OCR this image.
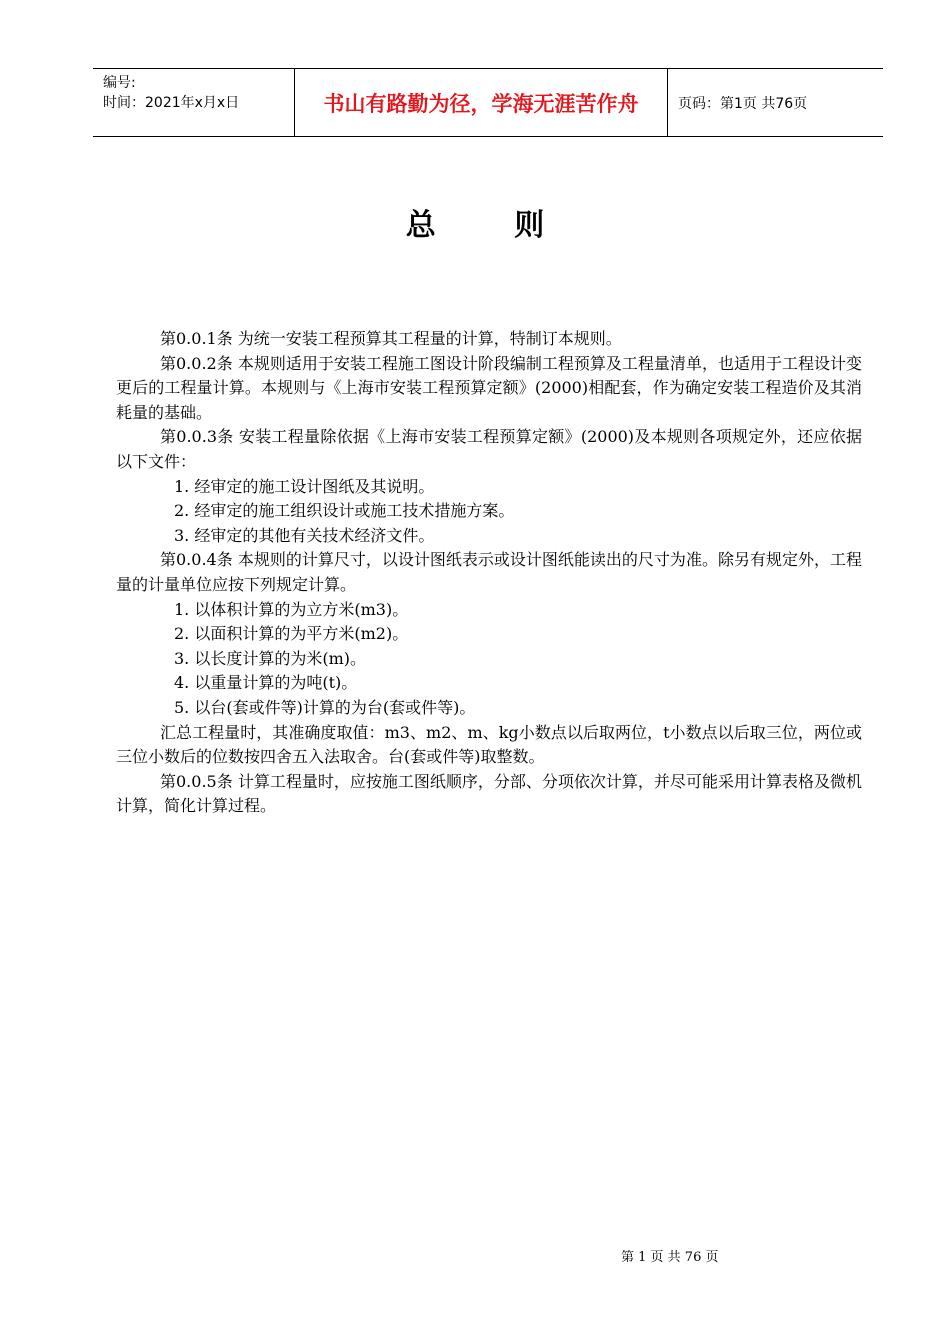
编号:
时间：2021年x月x日	书山有路勤为径，学海无涯苦作舟	页码：第1页 共76页
总 则

第0.0.1条 为统一安装工程预算其工程量的计算，特制订本规则。

第0.0.2条 本规则适用于安装工程施工图设计阶段编制工程预算及工程量清单，也适用于工程设计变更后的工程量计算。本规则与《上海市安装工程预算定额》(2000)相配套，作为确定安装工程造价及其消耗量的基础。

第0.0.3条 安装工程量除依据《上海市安装工程预算定额》(2000)及本规则各项规定外，还应依据以下文件：

1. 经审定的施工设计图纸及其说明。

2. 经审定的施工组织设计或施工技术措施方案。

3. 经审定的其他有关技术经济文件。

第0.0.4条 本规则的计算尺寸，以设计图纸表示或设计图纸能读出的尺寸为准。除另有规定外，工程量的计量单位应按下列规定计算。

1. 以体积计算的为立方米(m3)。

2. 以面积计算的为平方米(m2)。

3. 以长度计算的为米(m)。

4. 以重量计算的为吨(t)。

5. 以台(套或件等)计算的为台(套或件等)。

汇总工程量时，其准确度取值：m3、m2、m、kg小数点以后取两位，t小数点以后取三位，两位或三位小数后的位数按四舍五入法取舍。台(套或件等)取整数。

第0.0.5条 计算工程量时，应按施工图纸顺序，分部、分项依次计算，并尽可能采用计算表格及微机计算，简化计算过程。

第 1 页 共 76 页
